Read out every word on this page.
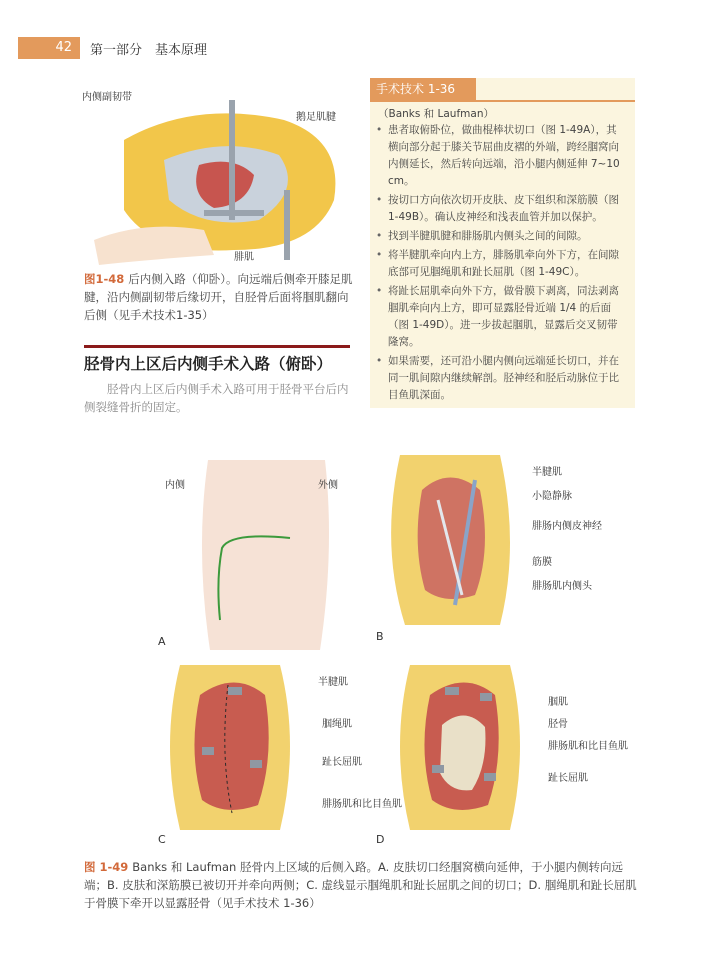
42	第一部分　基本原理
内侧副韧带
鹅足肌腱
腓肌
图1-48 后内侧入路（仰卧）。向远端后侧牵开膝足肌腱，沿内侧副韧带后缘切开，自胫骨后面将腘肌翻向后侧（见手术技术1-35）
胫骨内上区后内侧手术入路（俯卧）
胫骨内上区后内侧手术入路可用于胫骨平台后内侧裂缝骨折的固定。
手术技术 1-36
（Banks 和 Laufman）
• 患者取俯卧位，做曲棍棒状切口（图 1-49A），其横向部分起于膝关节屈曲皮褶的外端，跨经腘窝向内侧延长，然后转向远端，沿小腿内侧延伸 7~10 cm。
• 按切口方向依次切开皮肤、皮下组织和深筋膜（图 1-49B）。确认皮神经和浅表血管并加以保护。
• 找到半腱肌腱和腓肠肌内侧头之间的间隙。
• 将半腱肌牵向内上方，腓肠肌牵向外下方，在间隙底部可见腘绳肌和趾长屈肌（图 1-49C）。
• 将趾长屈肌牵向外下方，做骨膜下剥离，同法剥离腘肌牵向内上方，即可显露胫骨近端 1/4 的后面（图 1-49D）。进一步拔起腘肌，显露后交叉韧带隆窝。
• 如果需要，还可沿小腿内侧向远端延长切口，并在同一肌间隙内继续解剖。胫神经和胫后动脉位于比目鱼肌深面。
内侧	外侧
A
半腱肌
小隐静脉
腓肠内侧皮神经
筋膜
腓肠肌内侧头
B
半腱肌
腘绳肌
趾长屈肌
腓肠肌和比目鱼肌
C
腘肌
胫骨
腓肠肌和比目鱼肌
趾长屈肌
D
图 1-49 Banks 和 Laufman 胫骨内上区域的后侧入路。A. 皮肤切口经腘窝横向延伸，于小腿内侧转向远端；B. 皮肤和深筋膜已被切开并牵向两侧；C. 虚线显示腘绳肌和趾长屈肌之间的切口；D. 腘绳肌和趾长屈肌于骨膜下牵开以显露胫骨（见手术技术 1-36）
